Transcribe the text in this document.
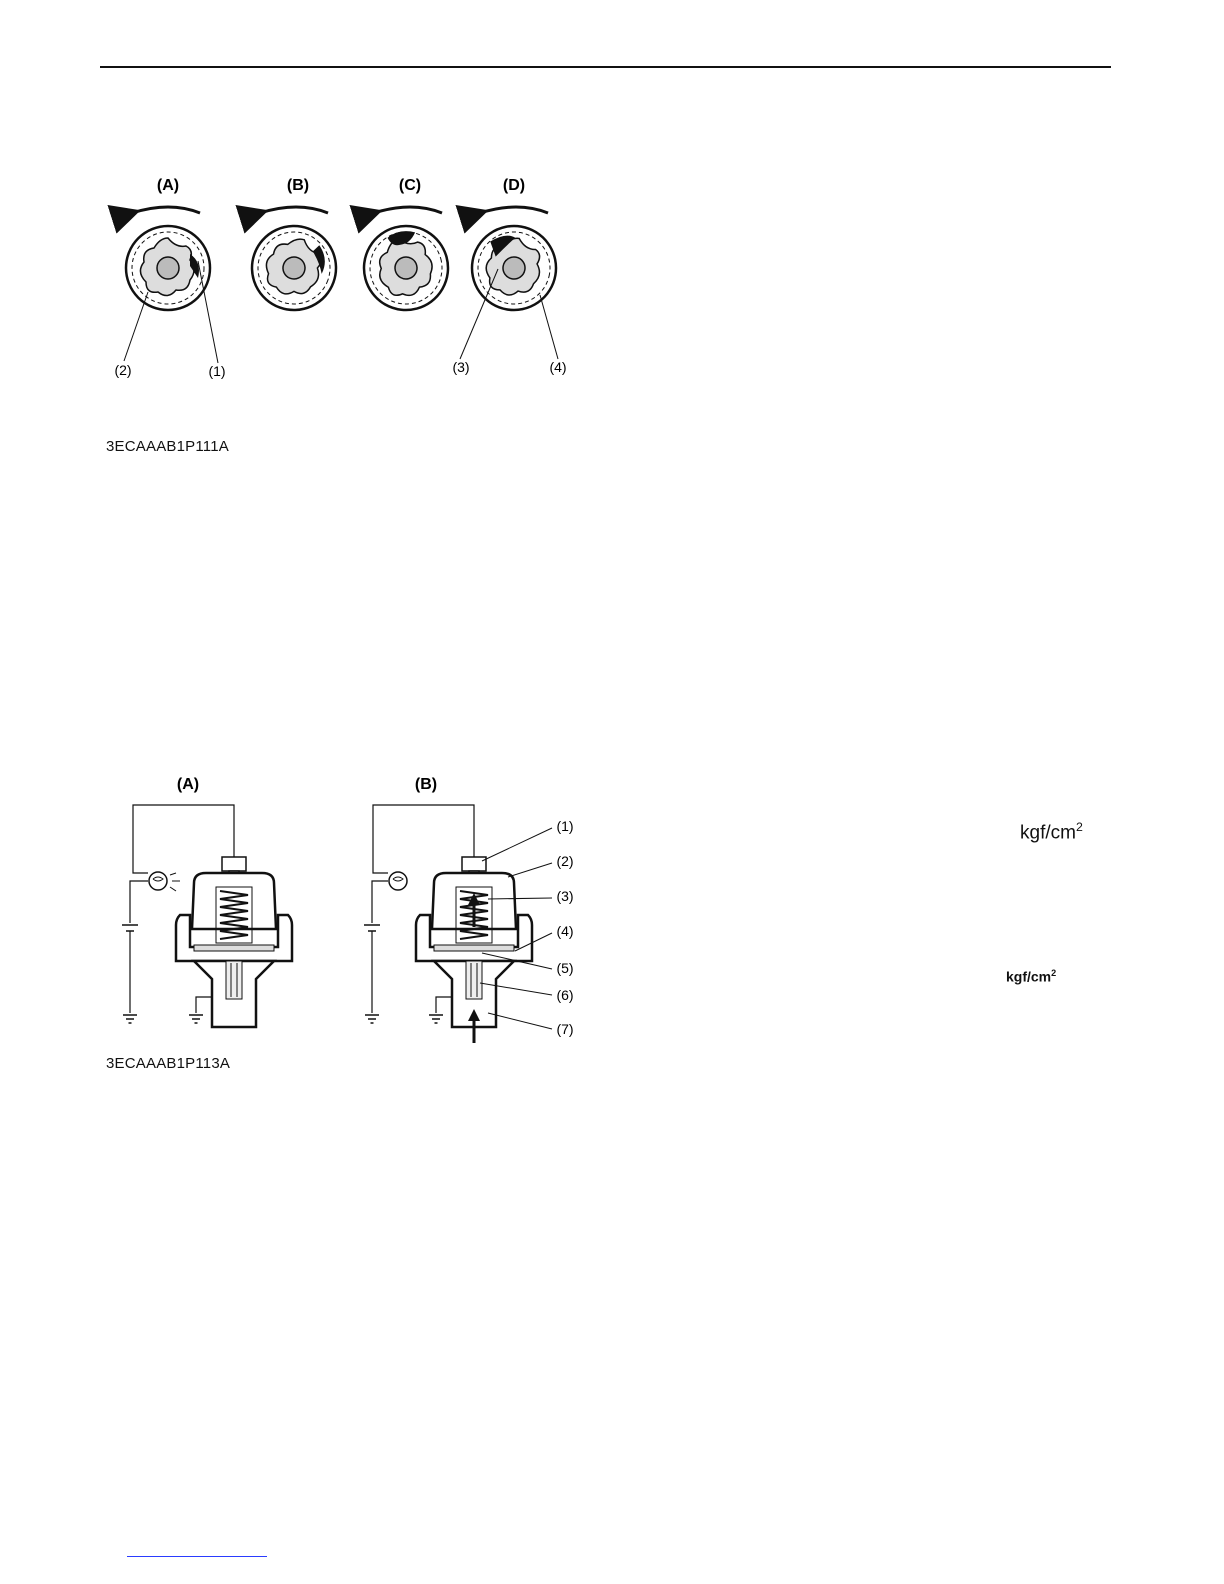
(A)	(B)	(C)	(D)
(2)	(1)	(3)	(4)
3ECAAAB1P111A
(A)	(B)
(1)
(2)
(3)
(4)
(5)
(6)
(7)
3ECAAAB1P113A
kgf/$cm^2$
kgf/$cm^2$
